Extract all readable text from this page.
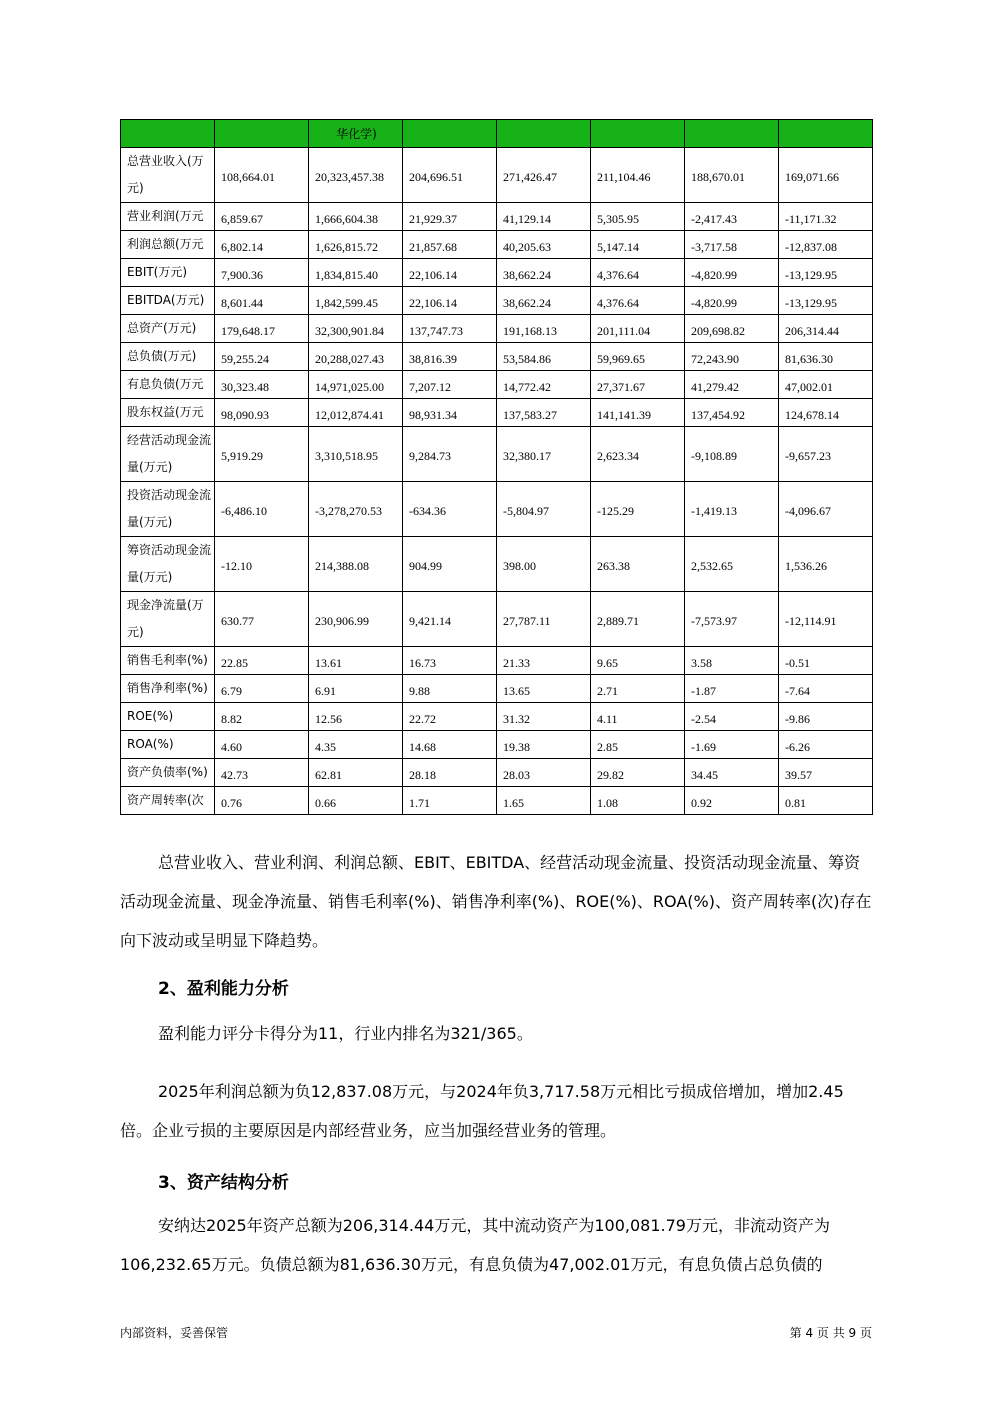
		华化学)					
总营业收入(万元)	108,664.01	20,323,457.38	204,696.51	271,426.47	211,104.46	188,670.01	169,071.66
营业利润(万元	6,859.67	1,666,604.38	21,929.37	41,129.14	5,305.95	-2,417.43	-11,171.32
利润总额(万元	6,802.14	1,626,815.72	21,857.68	40,205.63	5,147.14	-3,717.58	-12,837.08
EBIT(万元)	7,900.36	1,834,815.40	22,106.14	38,662.24	4,376.64	-4,820.99	-13,129.95
EBITDA(万元)	8,601.44	1,842,599.45	22,106.14	38,662.24	4,376.64	-4,820.99	-13,129.95
总资产(万元)	179,648.17	32,300,901.84	137,747.73	191,168.13	201,111.04	209,698.82	206,314.44
总负债(万元)	59,255.24	20,288,027.43	38,816.39	53,584.86	59,969.65	72,243.90	81,636.30
有息负债(万元	30,323.48	14,971,025.00	7,207.12	14,772.42	27,371.67	41,279.42	47,002.01
股东权益(万元	98,090.93	12,012,874.41	98,931.34	137,583.27	141,141.39	137,454.92	124,678.14
经营活动现金流量(万元)	5,919.29	3,310,518.95	9,284.73	32,380.17	2,623.34	-9,108.89	-9,657.23
投资活动现金流量(万元)	-6,486.10	-3,278,270.53	-634.36	-5,804.97	-125.29	-1,419.13	-4,096.67
筹资活动现金流量(万元)	-12.10	214,388.08	904.99	398.00	263.38	2,532.65	1,536.26
现金净流量(万元)	630.77	230,906.99	9,421.14	27,787.11	2,889.71	-7,573.97	-12,114.91
销售毛利率(%)	22.85	13.61	16.73	21.33	9.65	3.58	-0.51
销售净利率(%)	6.79	6.91	9.88	13.65	2.71	-1.87	-7.64
ROE(%)	8.82	12.56	22.72	31.32	4.11	-2.54	-9.86
ROA(%)	4.60	4.35	14.68	19.38	2.85	-1.69	-6.26
资产负债率(%)	42.73	62.81	28.18	28.03	29.82	34.45	39.57
资产周转率(次	0.76	0.66	1.71	1.65	1.08	0.92	0.81

总营业收入、营业利润、利润总额、EBIT、EBITDA、经营活动现金流量、投资活动现金流量、筹资活动现金流量、现金净流量、销售毛利率(%)、销售净利率(%)、ROE(%)、ROA(%)、资产周转率(次)存在向下波动或呈明显下降趋势。

2、盈利能力分析

盈利能力评分卡得分为11，行业内排名为321/365。

2025年利润总额为负12,837.08万元，与2024年负3,717.58万元相比亏损成倍增加，增加2.45倍。企业亏损的主要原因是内部经营业务，应当加强经营业务的管理。

3、资产结构分析

安纳达2025年资产总额为206,314.44万元，其中流动资产为100,081.79万元，非流动资产为106,232.65万元。负债总额为81,636.30万元，有息负债为47,002.01万元，有息负债占总负债的

内部资料，妥善保管	第 4 页 共 9 页
